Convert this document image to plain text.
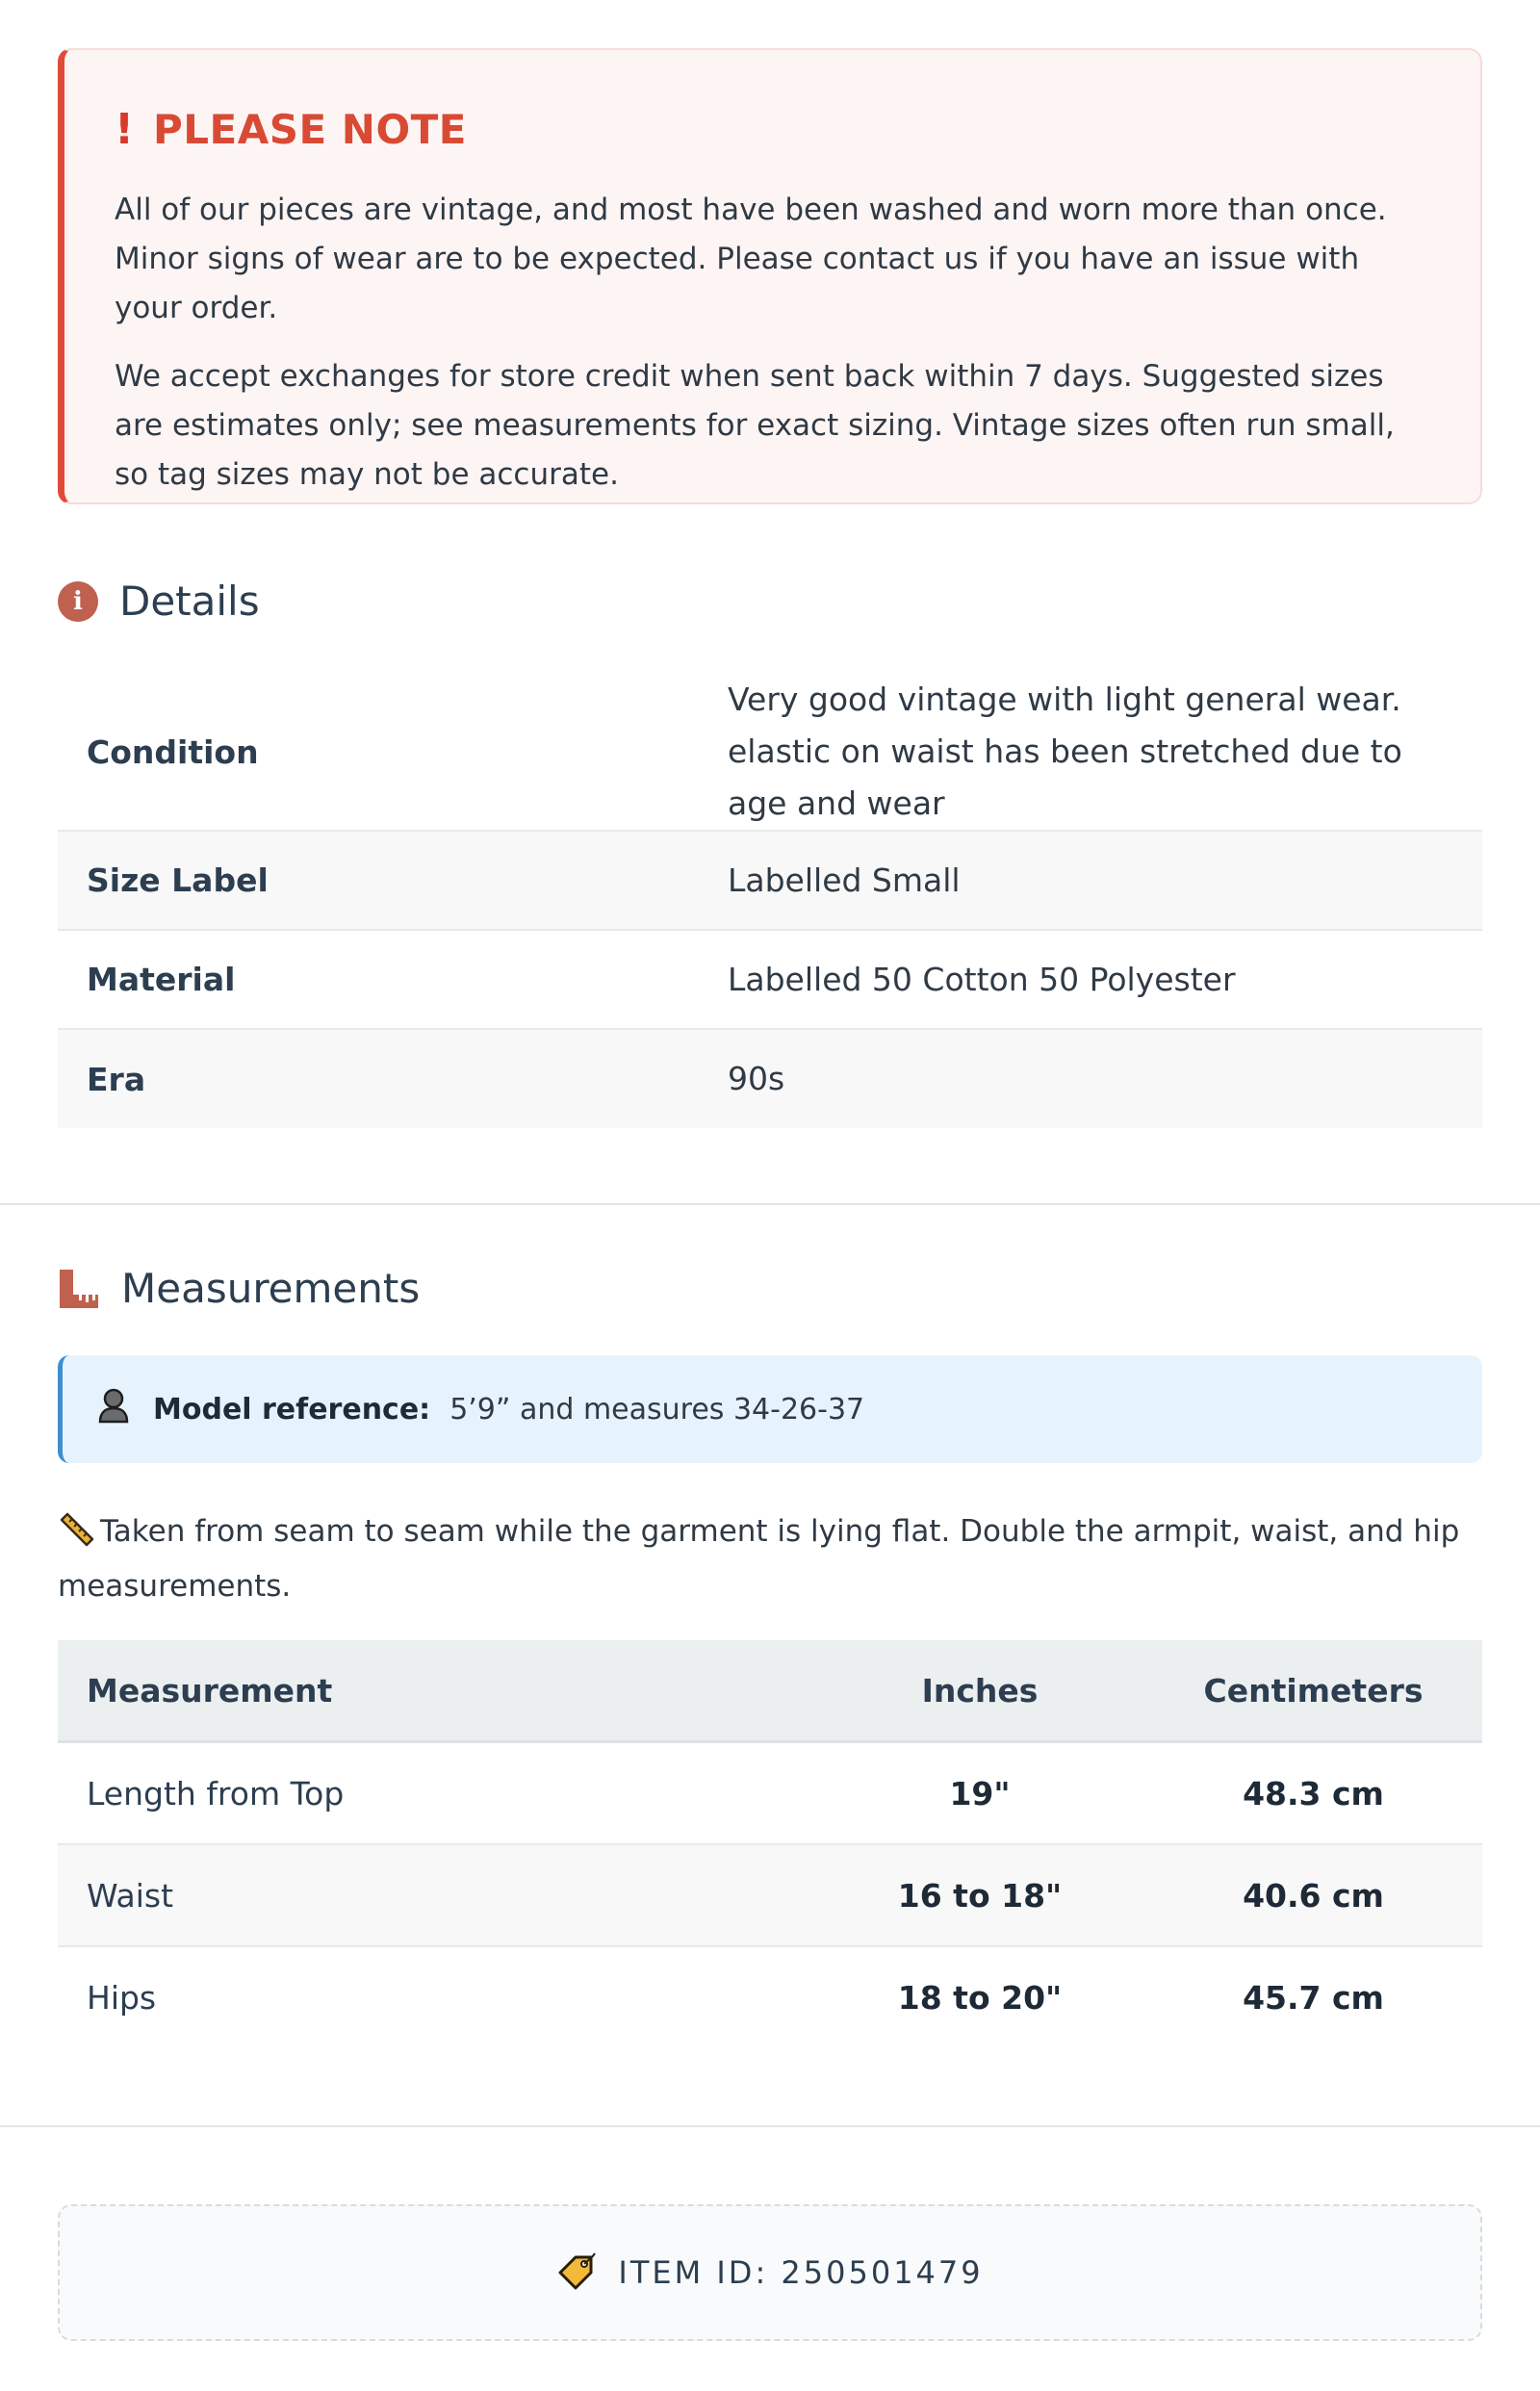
! PLEASE NOTE

All of our pieces are vintage, and most have been washed and worn more than once. Minor signs of wear are to be expected. Please contact us if you have an issue with your order.

We accept exchanges for store credit when sent back within 7 days. Suggested sizes are estimates only; see measurements for exact sizing. Vintage sizes often run small, so tag sizes may not be accurate.

i Details
Condition	Very good vintage with light general wear. elastic on waist has been stretched due to age and wear
Size Label	Labelled Small
Material	Labelled 50 Cotton 50 Polyester
Era	90s
Measurements
Model reference: 5’9” and measures 34-26-37
Taken from seam to seam while the garment is lying flat. Double the armpit, waist, and hip measurements.
Measurement	Inches	Centimeters
Length from Top	19"	48.3 cm
Waist	16 to 18"	40.6 cm
Hips	18 to 20"	45.7 cm
ITEM ID: 250501479
